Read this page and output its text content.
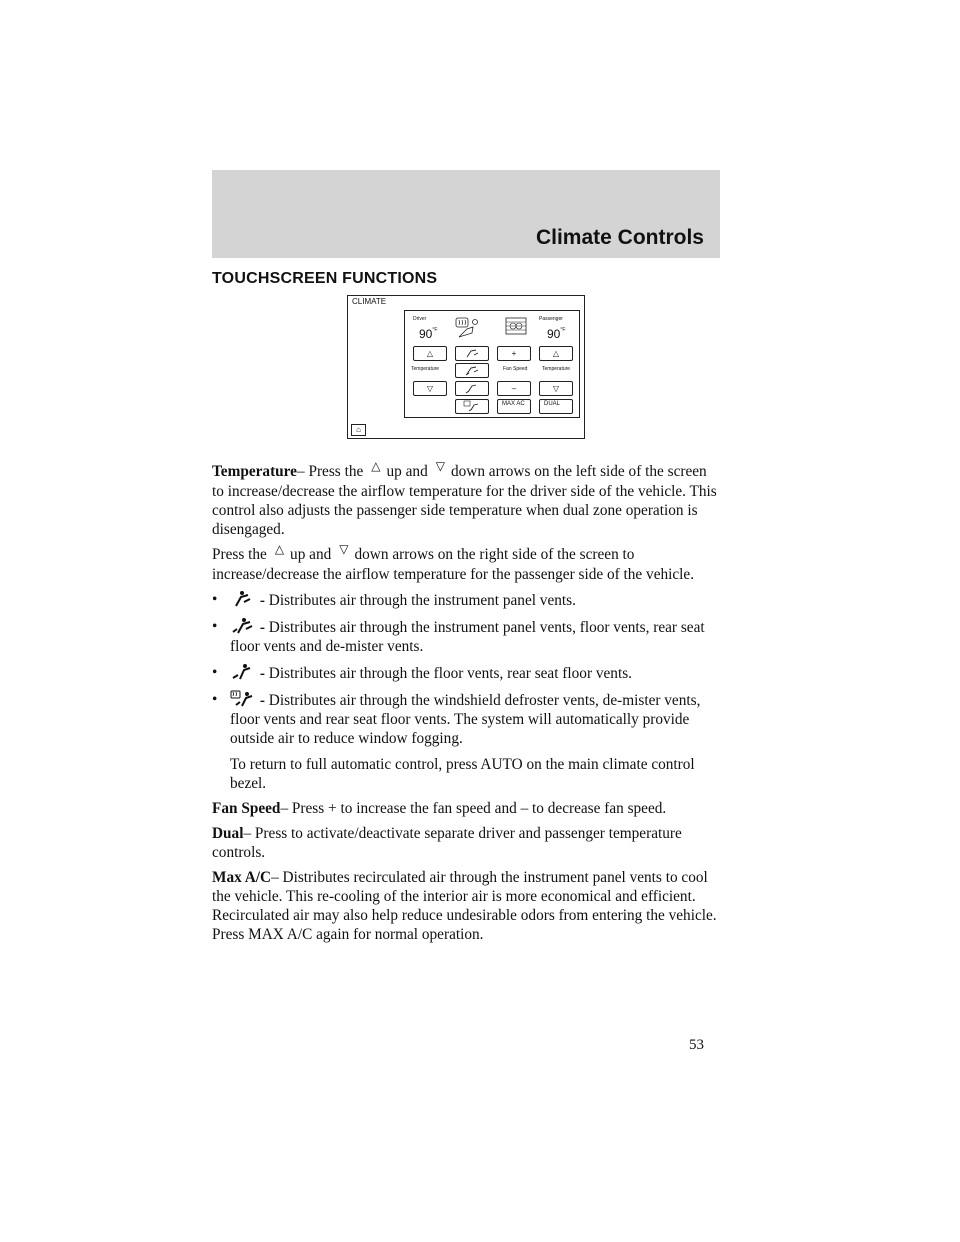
Climate Controls
TOUCHSCREEN FUNCTIONS
CLIMATE
⌂
Driver	Passenger
$90^{^\circ F}$	$90^{^\circ F}$
△	+	△
Temperature	Fan Speed	Temperature
▽	–	▽
MAX AC	DUAL

Temperature– Press the △ up and ▽ down arrows on the left side of the screen to increase/decrease the airflow temperature for the driver side of the vehicle. This control also adjusts the passenger side temperature when dual zone operation is disengaged.

Press the △ up and ▽ down arrows on the right side of the screen to increase/decrease the airflow temperature for the passenger side of the vehicle.

•	- Distributes air through the instrument panel vents.
•	- Distributes air through the instrument panel vents, floor vents, rear seat floor vents and de-mister vents.
•	- Distributes air through the floor vents, rear seat floor vents.
•	- Distributes air through the windshield defroster vents, de-mister vents, floor vents and rear seat floor vents. The system will automatically provide outside air to reduce window fogging.

To return to full automatic control, press AUTO on the main climate control bezel.

Fan Speed– Press + to increase the fan speed and – to decrease fan speed.

Dual– Press to activate/deactivate separate driver and passenger temperature controls.

Max A/C– Distributes recirculated air through the instrument panel vents to cool the vehicle. This re-cooling of the interior air is more economical and efficient. Recirculated air may also help reduce undesirable odors from entering the vehicle. Press MAX A/C again for normal operation.

53
